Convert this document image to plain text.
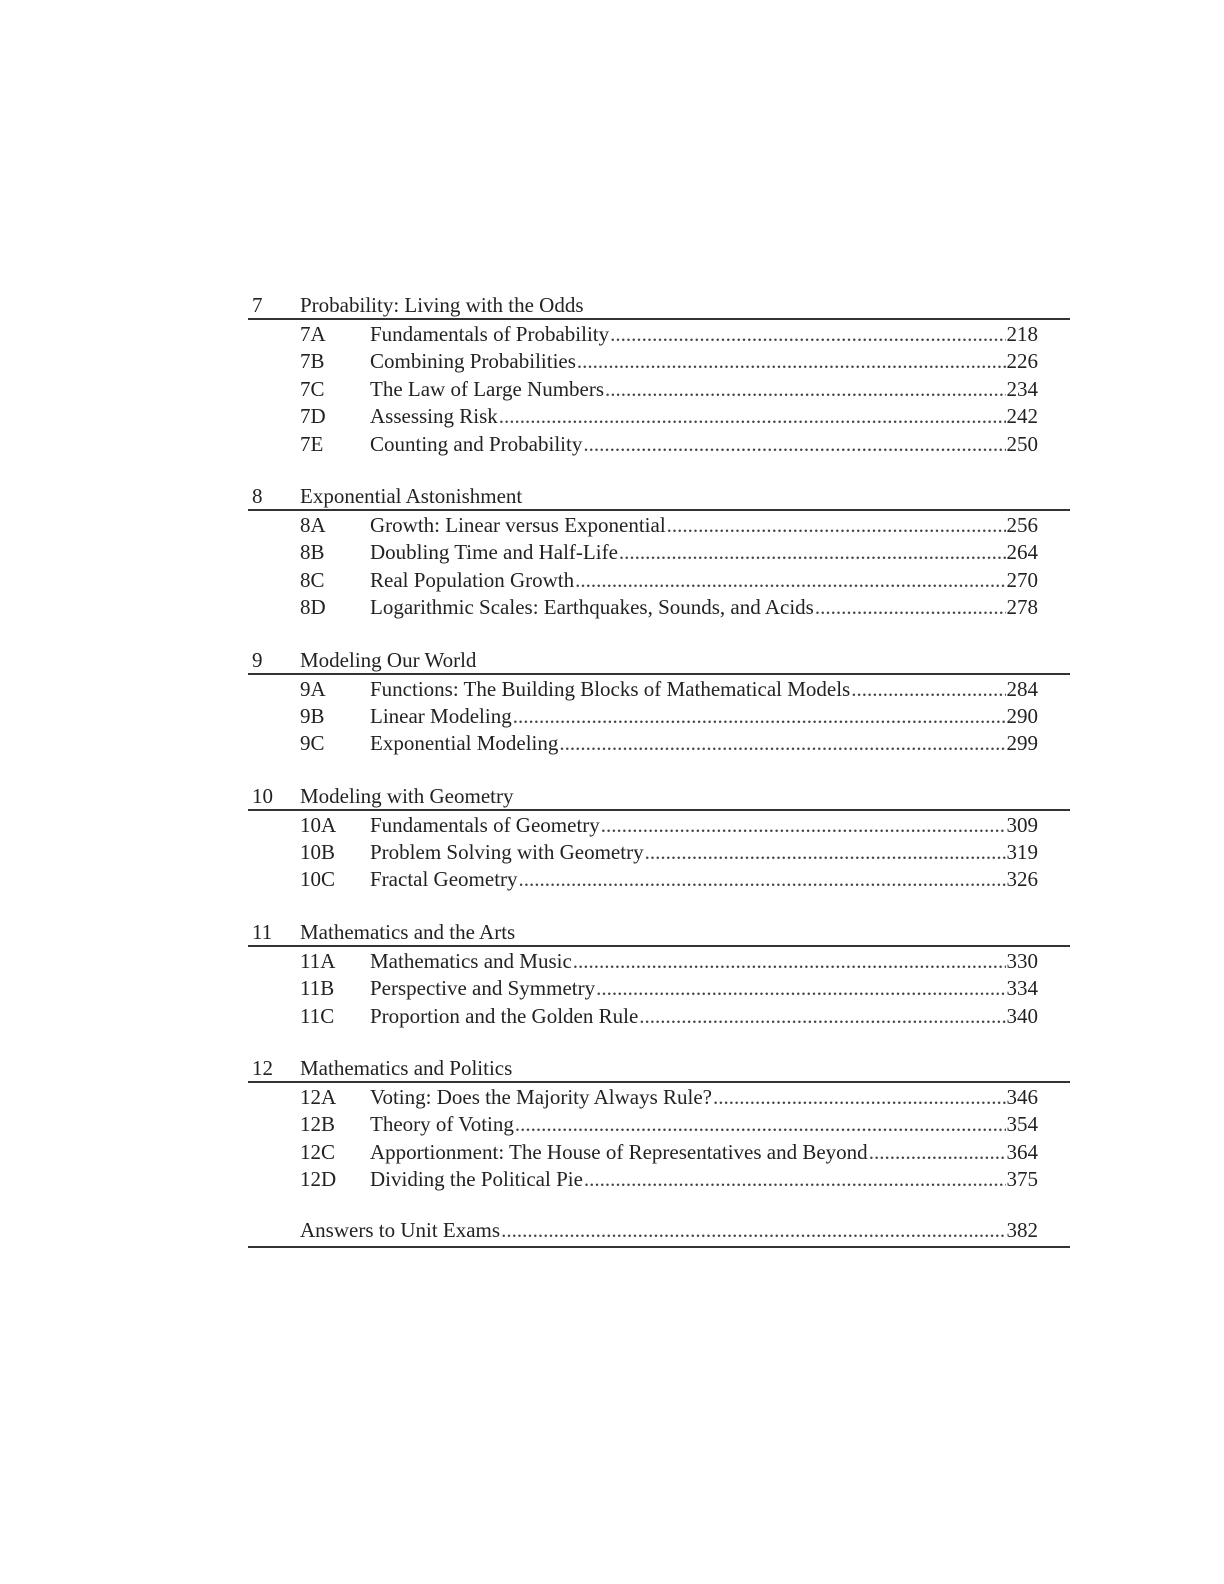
7	Probability: Living with the Odds
7A	Fundamentals of Probability .....	218
7B	Combining Probabilities .....	226
7C	The Law of Large Numbers .....	234
7D	Assessing Risk .....	242
7E	Counting and Probability .....	250
8	Exponential Astonishment
8A	Growth: Linear versus Exponential .....	256
8B	Doubling Time and Half-Life .....	264
8C	Real Population Growth .....	270
8D	Logarithmic Scales: Earthquakes, Sounds, and Acids .....	278
9	Modeling Our World
9A	Functions: The Building Blocks of Mathematical Models .....	284
9B	Linear Modeling .....	290
9C	Exponential Modeling .....	299
10	Modeling with Geometry
10A	Fundamentals of Geometry .....	309
10B	Problem Solving with Geometry .....	319
10C	Fractal Geometry .....	326
11	Mathematics and the Arts
11A	Mathematics and Music .....	330
11B	Perspective and Symmetry .....	334
11C	Proportion and the Golden Rule .....	340
12	Mathematics and Politics
12A	Voting: Does the Majority Always Rule? .....	346
12B	Theory of Voting .....	354
12C	Apportionment: The House of Representatives and Beyond .....	364
12D	Dividing the Political Pie .....	375
Answers to Unit Exams .....	382
